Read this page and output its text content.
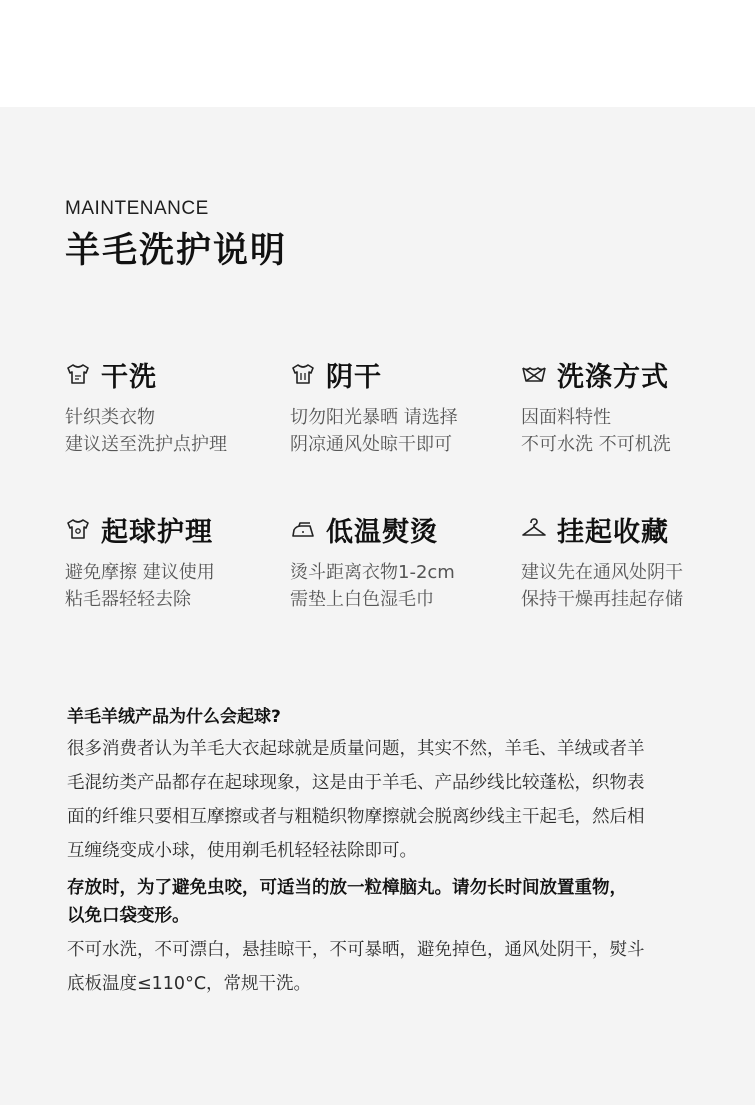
MAINTENANCE
羊毛洗护说明
干洗
针织类衣物
建议送至洗护点护理
阴干
切勿阳光暴晒 请选择
阴凉通风处晾干即可
洗涤方式
因面料特性
不可水洗 不可机洗
起球护理
避免摩擦 建议使用
粘毛器轻轻去除
低温熨烫
烫斗距离衣物1-2cm
需垫上白色湿毛巾
挂起收藏
建议先在通风处阴干
保持干燥再挂起存储
羊毛羊绒产品为什么会起球?
很多消费者认为羊毛大衣起球就是质量问题，其实不然，羊毛、羊绒或者羊
毛混纺类产品都存在起球现象，这是由于羊毛、产品纱线比较蓬松，织物表
面的纤维只要相互摩擦或者与粗糙织物摩擦就会脱离纱线主干起毛，然后相
互缠绕变成小球，使用剃毛机轻轻祛除即可。
存放时，为了避免虫咬，可适当的放一粒樟脑丸。请勿长时间放置重物，
以免口袋变形。
不可水洗，不可漂白，悬挂晾干，不可暴晒，避免掉色，通风处阴干，熨斗
底板温度≤110°C，常规干洗。
